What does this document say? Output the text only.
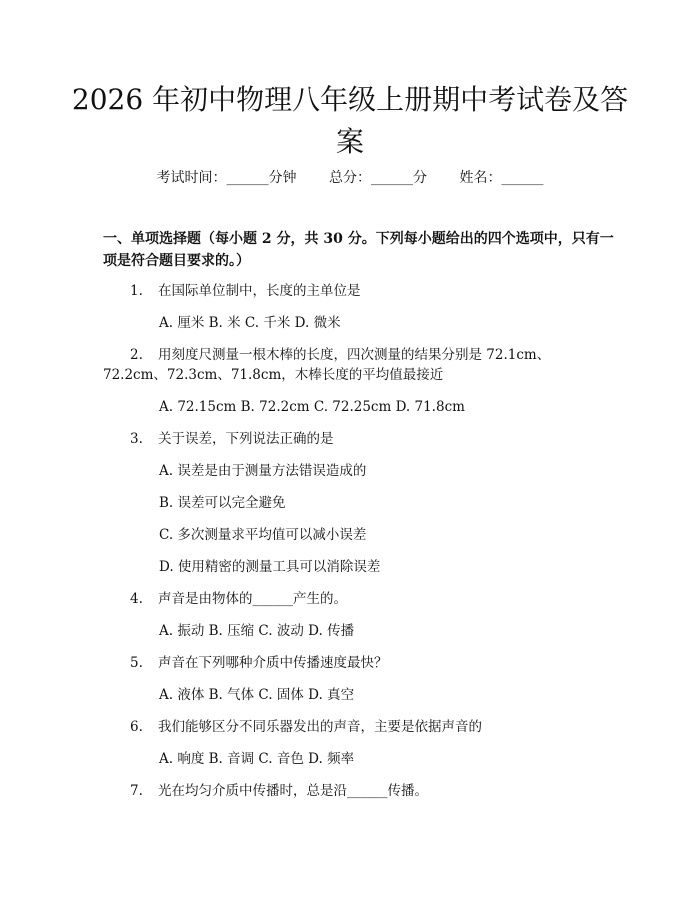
2026 年初中物理八年级上册期中考试卷及答
案
考试时间：______分钟 总分：______分 姓名：______
一、单项选择题（每小题 2 分，共 30 分。下列每小题给出的四个选项中，只有一
项是符合题目要求的。）
1. 在国际单位制中，长度的主单位是
A. 厘米 B. 米 C. 千米 D. 微米
2. 用刻度尺测量一根木棒的长度，四次测量的结果分别是 72.1cm、
72.2cm、72.3cm、71.8cm，木棒长度的平均值最接近
A. 72.15cm B. 72.2cm C. 72.25cm D. 71.8cm
3. 关于误差，下列说法正确的是
A. 误差是由于测量方法错误造成的
B. 误差可以完全避免
C. 多次测量求平均值可以减小误差
D. 使用精密的测量工具可以消除误差
4. 声音是由物体的______产生的。
A. 振动 B. 压缩 C. 波动 D. 传播
5. 声音在下列哪种介质中传播速度最快？
A. 液体 B. 气体 C. 固体 D. 真空
6. 我们能够区分不同乐器发出的声音，主要是依据声音的
A. 响度 B. 音调 C. 音色 D. 频率
7. 光在均匀介质中传播时，总是沿______传播。
